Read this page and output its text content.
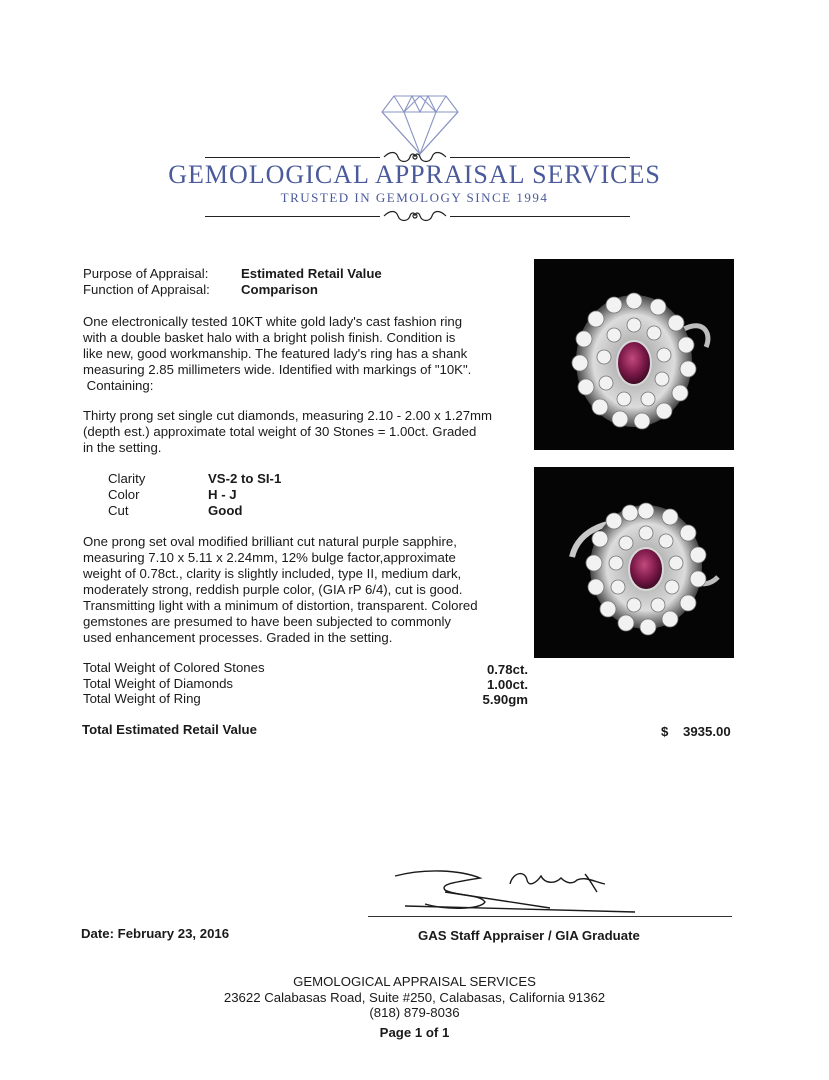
GEMOLOGICAL APPRAISAL SERVICES
TRUSTED IN GEMOLOGY SINCE 1994
Purpose of Appraisal: Estimated Retail Value
Function of Appraisal: Comparison
One electronically tested 10KT white gold lady's cast fashion ring
with a double basket halo with a bright polish finish. Condition is
like new, good workmanship. The featured lady's ring has a shank
measuring 2.85 millimeters wide. Identified with markings of "10K".
Containing:
Thirty prong set single cut diamonds, measuring 2.10 - 2.00 x 1.27mm
(depth est.) approximate total weight of 30 Stones = 1.00ct. Graded
in the setting.
Clarity	VS-2 to SI-1
Color	H - J
Cut	Good
One prong set oval modified brilliant cut natural purple sapphire,
measuring 7.10 x 5.11 x 2.24mm, 12% bulge factor,approximate
weight of 0.78ct., clarity is slightly included, type II, medium dark,
moderately strong, reddish purple color, (GIA rP 6/4), cut is good.
Transmitting light with a minimum of distortion, transparent. Colored
gemstones are presumed to have been subjected to commonly
used enhancement processes. Graded in the setting.
Total Weight of Colored Stones	0.78ct.
Total Weight of Diamonds	1.00ct.
Total Weight of Ring	5.90gm
Total Estimated Retail Value	$ 3935.00
Date: February 23, 2016	GAS Staff Appraiser / GIA Graduate
GEMOLOGICAL APPRAISAL SERVICES
23622 Calabasas Road, Suite #250, Calabasas, California 91362
(818) 879-8036
Page 1 of 1
